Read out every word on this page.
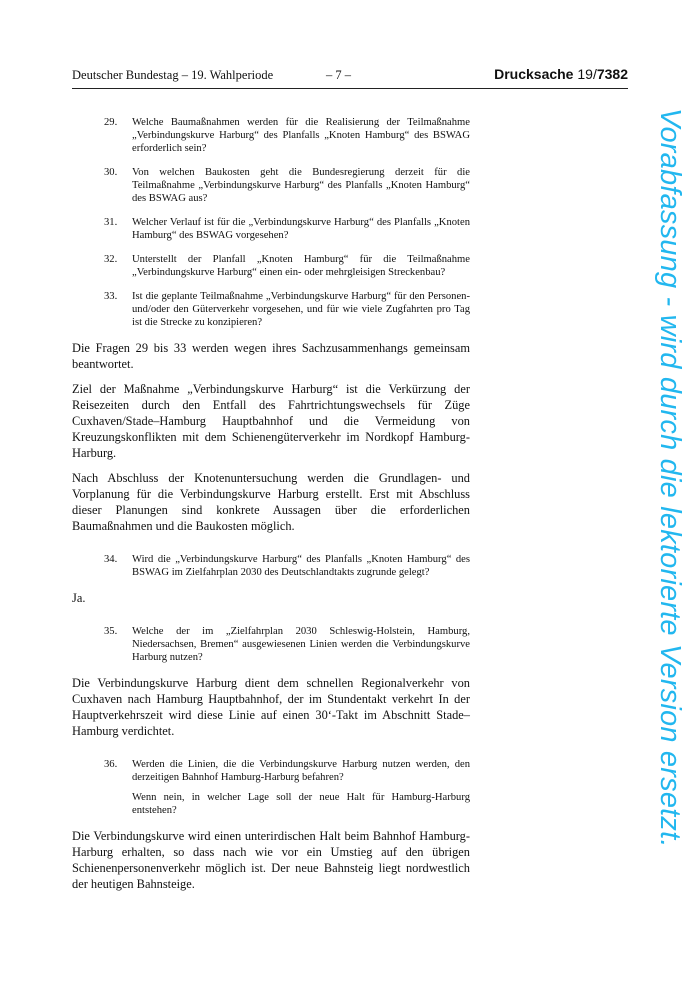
Deutscher Bundestag – 19. Wahlperiode	– 7 –	Drucksache 19/7382
29. Welche Baumaßnahmen werden für die Realisierung der Teilmaßnahme „Verbindungskurve Harburg“ des Planfalls „Knoten Hamburg“ des BSWAG erforderlich sein?

30. Von welchen Baukosten geht die Bundesregierung derzeit für die Teilmaßnahme „Verbindungskurve Harburg“ des Planfalls „Knoten Hamburg“ des BSWAG aus?

31. Welcher Verlauf ist für die „Verbindungskurve Harburg“ des Planfalls „Knoten Hamburg“ des BSWAG vorgesehen?

32. Unterstellt der Planfall „Knoten Hamburg“ für die Teilmaßnahme „Verbindungskurve Harburg“ einen ein- oder mehrgleisigen Streckenbau?

33. Ist die geplante Teilmaßnahme „Verbindungskurve Harburg“ für den Personen- und/oder den Güterverkehr vorgesehen, und für wie viele Zugfahrten pro Tag ist die Strecke zu konzipieren?

Die Fragen 29 bis 33 werden wegen ihres Sachzusammenhangs gemeinsam beantwortet.

Ziel der Maßnahme „Verbindungskurve Harburg“ ist die Verkürzung der Reisezeiten durch den Entfall des Fahrtrichtungswechsels für Züge Cuxhaven/Stade–Hamburg Hauptbahnhof und die Vermeidung von Kreuzungskonflikten mit dem Schienengüterverkehr im Nordkopf Hamburg-Harburg.

Nach Abschluss der Knotenuntersuchung werden die Grundlagen- und Vorplanung für die Verbindungskurve Harburg erstellt. Erst mit Abschluss dieser Planungen sind konkrete Aussagen über die erforderlichen Baumaßnahmen und die Baukosten möglich.

34. Wird die „Verbindungskurve Harburg“ des Planfalls „Knoten Hamburg“ des BSWAG im Zielfahrplan 2030 des Deutschlandtakts zugrunde gelegt?

Ja.

35. Welche der im „Zielfahrplan 2030 Schleswig-Holstein, Hamburg, Niedersachsen, Bremen“ ausgewiesenen Linien werden die Verbindungskurve Harburg nutzen?

Die Verbindungskurve Harburg dient dem schnellen Regionalverkehr von Cuxhaven nach Hamburg Hauptbahnhof, der im Stundentakt verkehrt In der Hauptverkehrszeit wird diese Linie auf einen 30‘-Takt im Abschnitt Stade–Hamburg verdichtet.

36. Werden die Linien, die die Verbindungskurve Harburg nutzen werden, den derzeitigen Bahnhof Hamburg-Harburg befahren?

Wenn nein, in welcher Lage soll der neue Halt für Hamburg-Harburg entstehen?

Die Verbindungskurve wird einen unterirdischen Halt beim Bahnhof Hamburg-Harburg erhalten, so dass nach wie vor ein Umstieg auf den übrigen Schienenpersonenverkehr möglich ist. Der neue Bahnsteig liegt nordwestlich der heutigen Bahnsteige.

Vorabfassung - wird durch die lektorierte Version ersetzt.
